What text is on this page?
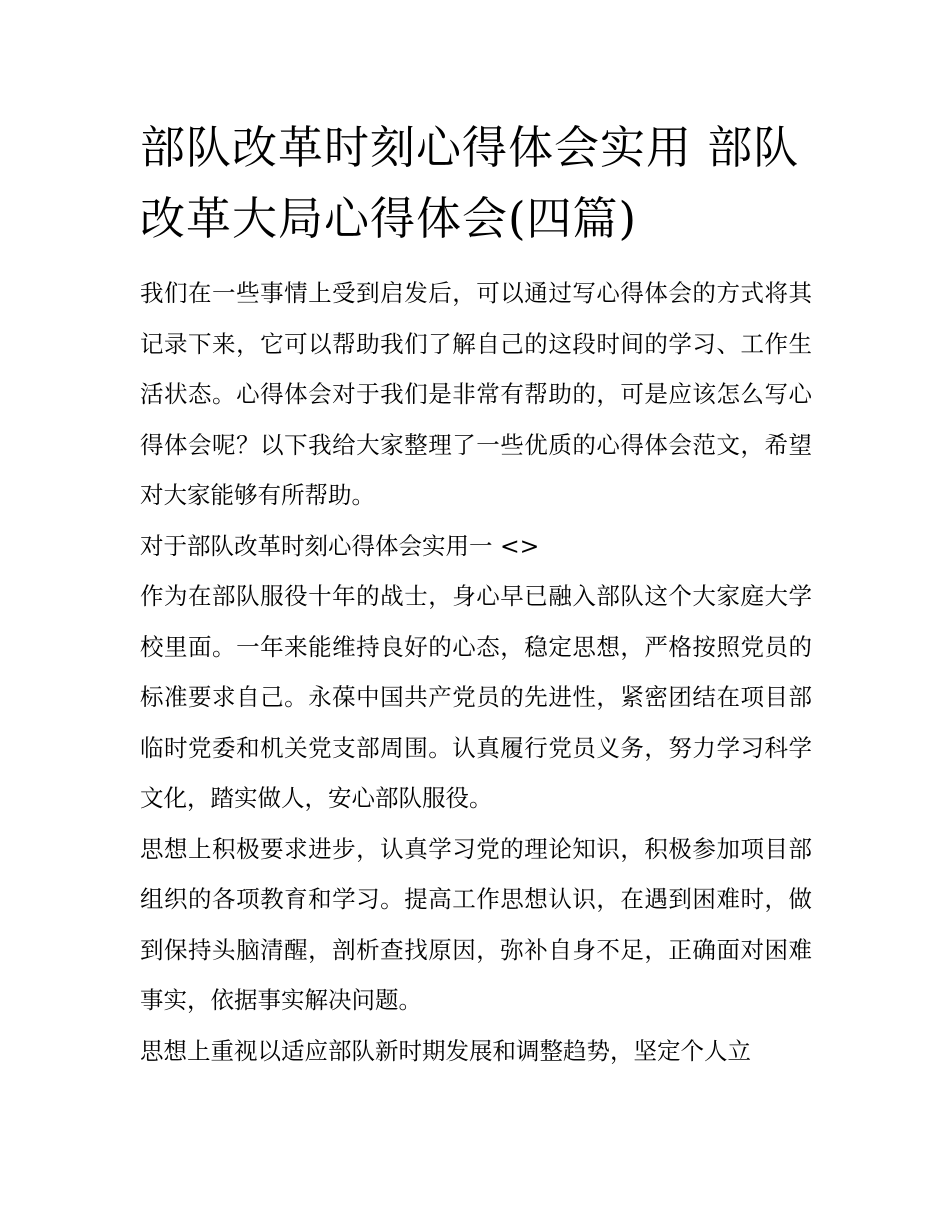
部队改革时刻心得体会实用 部队改革大局心得体会(四篇)

我们在一些事情上受到启发后，可以通过写心得体会的方式将其记录下来，它可以帮助我们了解自己的这段时间的学习、工作生活状态。心得体会对于我们是非常有帮助的，可是应该怎么写心得体会呢？以下我给大家整理了一些优质的心得体会范文，希望对大家能够有所帮助。

对于部队改革时刻心得体会实用一 <>

作为在部队服役十年的战士，身心早已融入部队这个大家庭大学校里面。一年来能维持良好的心态，稳定思想，严格按照党员的标准要求自己。永葆中国共产党员的先进性，紧密团结在项目部临时党委和机关党支部周围。认真履行党员义务，努力学习科学文化，踏实做人，安心部队服役。

思想上积极要求进步，认真学习党的理论知识，积极参加项目部组织的各项教育和学习。提高工作思想认识，在遇到困难时，做到保持头脑清醒，剖析查找原因，弥补自身不足，正确面对困难事实，依据事实解决问题。

思想上重视以适应部队新时期发展和调整趋势，坚定个人立
